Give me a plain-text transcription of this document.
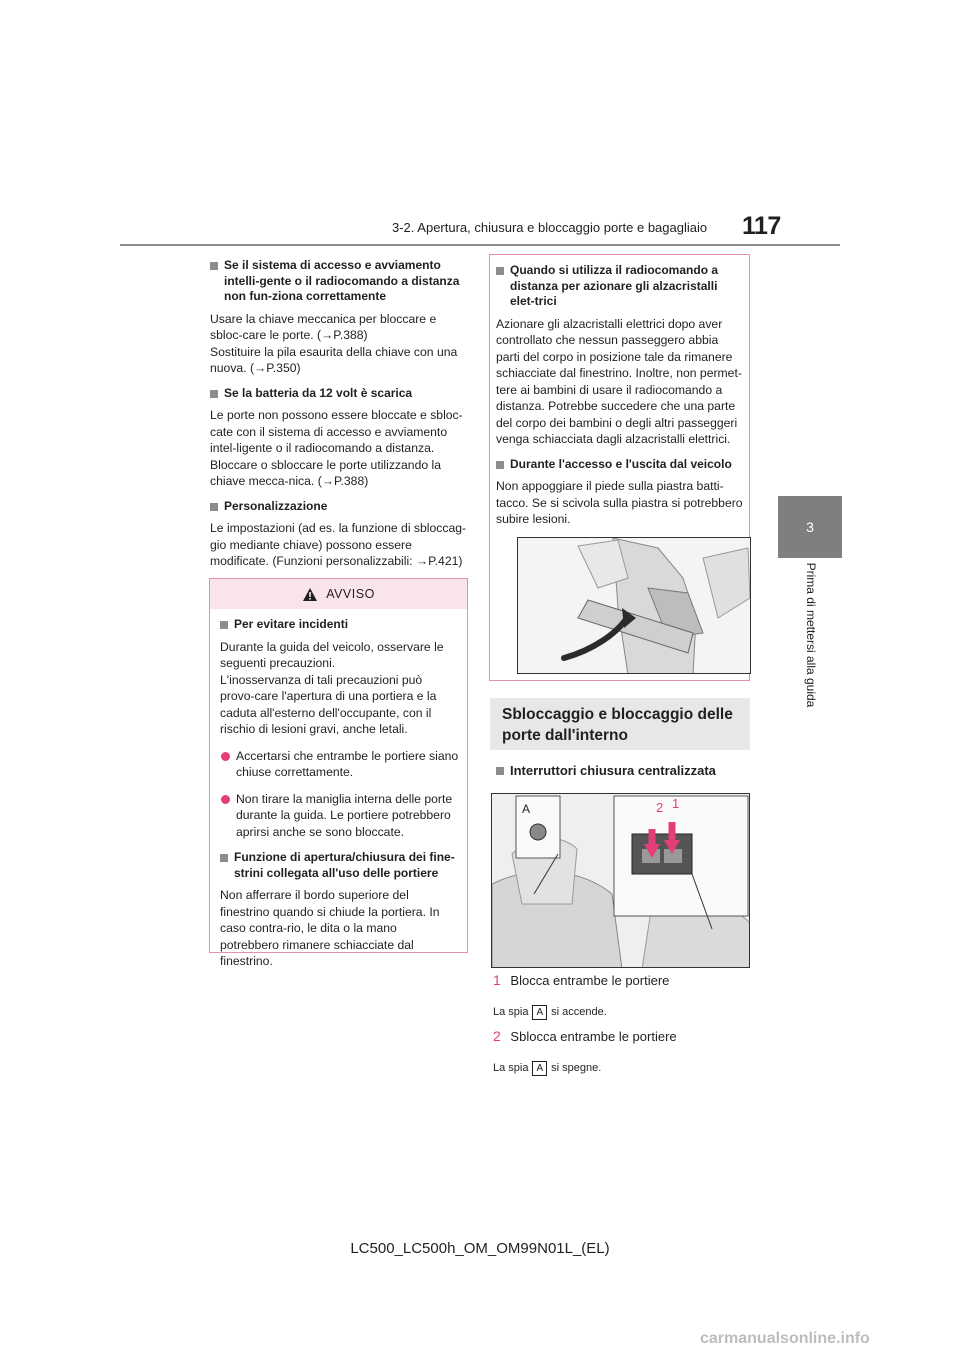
3-2. Apertura, chiusura e bloccaggio porte e bagagliaio 117
3
Prima di mettersi alla guida

Se il sistema di accesso e avviamento intelli-gente o il radiocomando a distanza non fun-ziona correttamente

Usare la chiave meccanica per bloccare e sbloc-care le porte. (→P.388)

Sostituire la pila esaurita della chiave con una nuova. (→P.350)

Se la batteria da 12 volt è scarica

Le porte non possono essere bloccate e sbloc-cate con il sistema di accesso e avviamento intel-ligente o il radiocomando a distanza. Bloccare o sbloccare le porte utilizzando la chiave mecca-nica. (→P.388)

Personalizzazione

Le impostazioni (ad es. la funzione di sbloccag-gio mediante chiave) possono essere modificate. (Funzioni personalizzabili: →P.421)

AVVISO

Per evitare incidenti

Durante la guida del veicolo, osservare le seguenti precauzioni.

L'inosservanza di tali precauzioni può provo-care l'apertura di una portiera e la caduta all'esterno dell'occupante, con il rischio di lesioni gravi, anche letali.

Accertarsi che entrambe le portiere siano chiuse correttamente.

Non tirare la maniglia interna delle porte durante la guida. Le portiere potrebbero aprirsi anche se sono bloccate.

Funzione di apertura/chiusura dei fine-strini collegata all'uso delle portiere

Non afferrare il bordo superiore del finestrino quando si chiude la portiera. In caso contra-rio, le dita o la mano potrebbero rimanere schiacciate dal finestrino.

Quando si utilizza il radiocomando a distanza per azionare gli alzacristalli elet-trici

Azionare gli alzacristalli elettrici dopo aver controllato che nessun passeggero abbia parti del corpo in posizione tale da rimanere schiacciate dal finestrino. Inoltre, non permet-tere ai bambini di usare il radiocomando a distanza. Potrebbe succedere che una parte del corpo dei bambini o degli altri passeggeri venga schiacciata dagli alzacristalli elettrici.

Durante l'accesso e l'uscita dal veicolo

Non appoggiare il piede sulla piastra batti-tacco. Se si scivola sulla piastra si potrebbero subire lesioni.

Sbloccaggio e bloccaggio delle
porte dall'interno

Interruttori chiusura centralizzata

A	2 1
1 Blocca entrambe le portiere
La spia A si accende.
2 Sblocca entrambe le portiere
La spia A si spegne.
LC500_LC500h_OM_OM99N01L_(EL)
carmanualsonline.info
